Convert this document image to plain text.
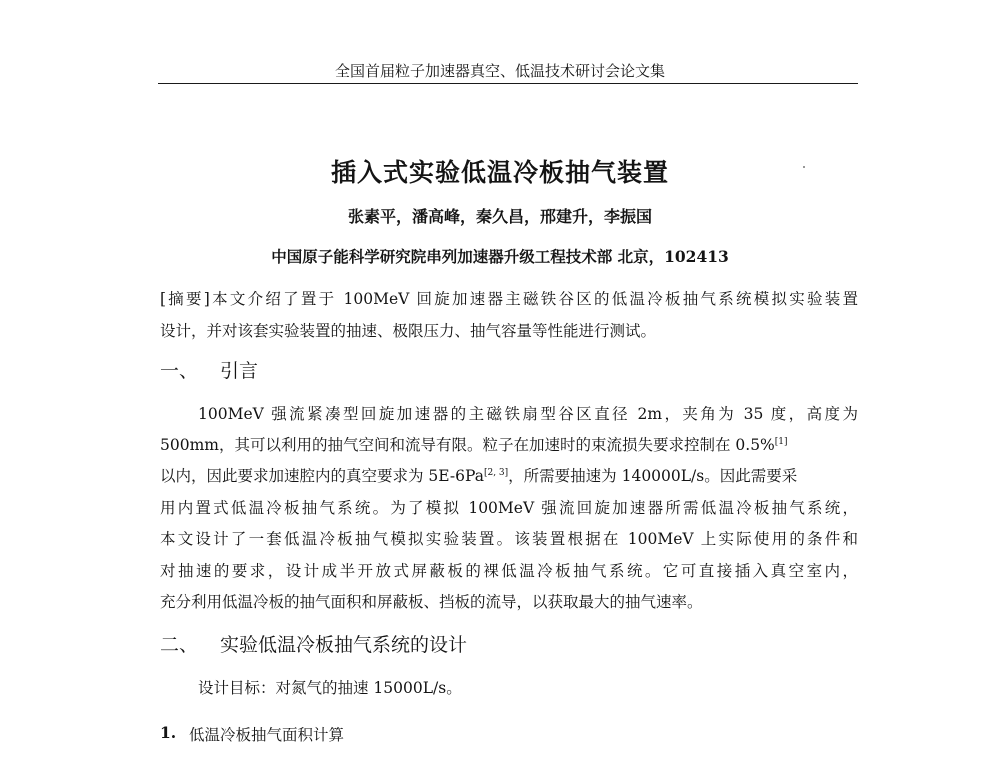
全国首届粒子加速器真空、低温技术研讨会论文集
插入式实验低温冷板抽气装置
张素平，潘高峰，秦久昌，邢建升，李振国
中国原子能科学研究院串列加速器升级工程技术部 北京，102413
[摘要]本文介绍了置于 100MeV 回旋加速器主磁铁谷区的低温冷板抽气系统模拟实验装置
设计，并对该套实验装置的抽速、极限压力、抽气容量等性能进行测试。
一、 引言
100MeV 强流紧凑型回旋加速器的主磁铁扇型谷区直径 2m，夹角为 35 度，高度为
500mm，其可以利用的抽气空间和流导有限。粒子在加速时的束流损失要求控制在 0.5%[1]
以内，因此要求加速腔内的真空要求为 5E-6Pa[2, 3]，所需要抽速为 140000L/s。因此需要采
用内置式低温冷板抽气系统。为了模拟 100MeV 强流回旋加速器所需低温冷板抽气系统，
本文设计了一套低温冷板抽气模拟实验装置。该装置根据在 100MeV 上实际使用的条件和
对抽速的要求，设计成半开放式屏蔽板的裸低温冷板抽气系统。它可直接插入真空室内，
充分利用低温冷板的抽气面积和屏蔽板、挡板的流导，以获取最大的抽气速率。
二、 实验低温冷板抽气系统的设计
设计目标：对氮气的抽速 15000L/s。
1. 低温冷板抽气面积计算
